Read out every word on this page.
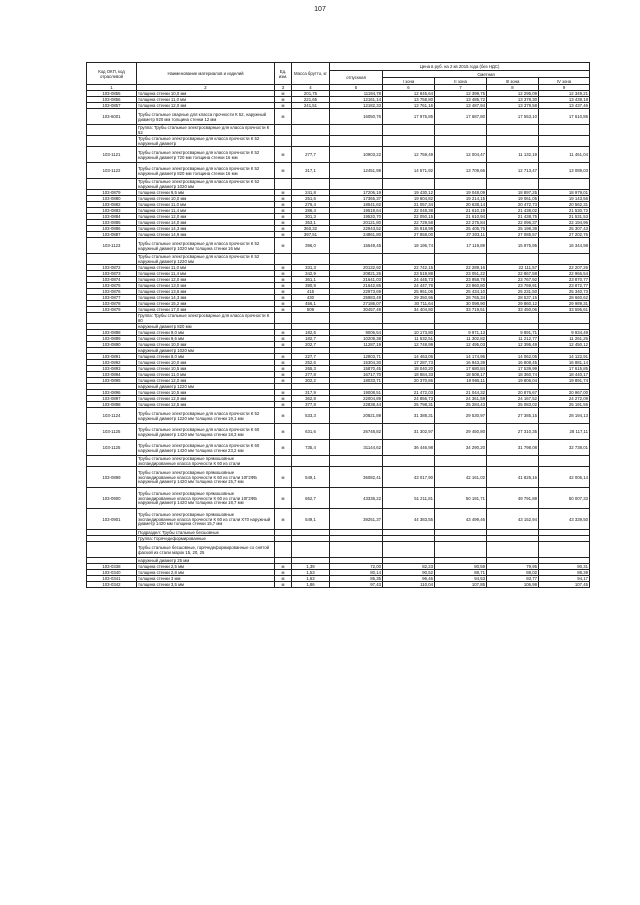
107
Код ОКП, код отраслевой	Наименование материалов и изделий	Ед. изм.	Масса брутто, кг	Цена в руб. на 2 кв 2015 года (без НДС)				
				отпускная	Сметная			
					I зона	II зона	III зона	IV зона
1	2	3	4	5	6	7	8	9
103-0855	толщина стенки 10,0 мм	м	201,75	11194,78	12 845,64	12 399,75	12 295,09	12 349,21
103-0856	толщина стенки 11,0 мм	м	221,65	12161,14	13 758,80	13 485,72	13 378,30	13 438,18
103-0857	толщина стенки 12,0 мм	м	241,51	12182,33	13 761,16	13 487,94	13 379,58	13 437,46
103-6001	Трубы стальные сварные для класса прочности К 52, наружный диаметр 920 мм толщина стенки 12 мм	м		16050,76	17 976,85	17 687,80	17 553,10	17 610,86
	Группа: Трубы стальные электросварные для класса прочности К 52							
	Трубы стальные электросварные для класса прочности К 52 наружный диаметр							
103-1121	Трубы стальные электросварные для класса прочности К 52 наружный диаметр 720 мм толщина стенки 16 мм	м	277,7	10903,22	12 759,49	12 004,47	11 132,19	11 461,04
103-1122	Трубы стальные электросварные для класса прочности К 52 наружный диаметр 820 мм толщина стенки 16 мм	м	317,1	12451,98	14 571,92	13 709,66	12 713,47	13 089,03
	Трубы стальные электросварные для класса прочности К 52 наружный диаметр 1020 мм							
103-0879	толщина стенки 9,5 мм	м	241,8	17206,19	19 430,12	19 048,09	18 897,25	18 979,01
103-0880	толщина стенки 10,0 мм	м	251,6	17365,37	19 604,82	19 214,15	19 061,05	19 143,56
103-0882	толщина стенки 11,0 мм	м	276,4	18541,62	21 057,34	20 638,14	20 472,73	20 562,31
103-0883	толщина стенки 11,4 мм	м	286,4	19519,64	22 048,38	21 610,19	21 438,02	21 530,72
103-0884	толщина стенки 12,0 мм	м	301,3	19520,70	22 050,15	21 610,94	21 438,75	21 531,53
103-0885	толщина стенки 14,0 мм	м	353,1	20121,80	22 729,58	22 275,84	22 096,37	22 194,96
103-0886	толщина стенки 14,3 мм	м	360,32	22943,52	25 918,99	25 405,75	25 198,39	25 307,43
103-0887	толщина стенки 14,9 мм	м	397,51	24861,80	27 858,00	27 303,11	27 085,57	27 202,76
103-1123	Трубы стальные электросварные для класса прочности К 52 наружный диаметр 1020 мм толщина стенки 16 мм	м	396,0	15549,45	18 196,74	17 119,89	15 875,95	16 344,98
	Трубы стальные электросварные для класса прочности К 52 наружный диаметр 1220 мм							
103-0872	толщина стенки 11,0 мм	м	331,3	20132,92	22 742,15	22 289,16	22 111,57	22 207,26
103-0873	толщина стенки 11,4 мм	м	342,9	20821,26	23 519,88	23 051,22	22 867,58	22 966,54
103-0874	толщина стенки 12,0 мм	м	361,1	21641,03	24 445,73	23 958,78	23 767,92	23 870,77
103-0875	толщина стенки 13,0 мм	м	390,9	21642,85	24 447,78	23 960,80	23 769,91	23 872,77
103-0876	толщина стенки 13,6 мм	м	415	22973,69	25 951,06	25 434,10	25 231,50	25 340,73
103-0877	толщина стенки 14,3 мм	м	430	25983,49	29 350,96	28 765,34	28 537,15	28 660,62
103-0878	толщина стенки 15,2 мм	м	456,1	27186,07	30 711,64	30 098,90	29 860,12	29 989,31
103-0879	толщина стенки 17,0 мм	м	509	30457,49	34 404,80	33 719,51	33 450,06	33 595,61
	Группа: Трубы стальные электросварные для класса прочности К 60							
	наружный диаметр 820 мм							
103-0888	толщина стенки 9,0 мм	м	182,6	9006,54	10 173,80	9 971,13	9 891,71	9 934,49
103-0889	толщина стенки 9,6 мм	м	182,7	10209,38	11 532,51	11 302,82	11 212,77	11 261,26
103-0890	толщина стенки 10,0 мм	м	202,7	11287,19	12 748,99	12 495,03	12 395,49	12 450,12
	наружный диаметр 1020 мм							
103-0891	толщина стенки 8,0 мм	м	227,7	12803,71	14 463,06	14 174,96	14 062,05	14 122,91
103-0892	толщина стенки 10,0 мм	м	252,6	15304,30	17 287,73	16 943,39	16 808,45	16 881,14
103-0893	толщина стенки 10,5 мм	м	265,3	15870,45	18 040,20	17 680,84	17 539,99	17 615,85
103-0894	толщина стенки 11,0 мм	м	277,8	16717,70	18 884,33	18 508,17	18 360,74	18 440,17
103-0895	толщина стенки 12,0 мм	м	302,2	18033,71	20 370,86	19 965,11	19 806,04	19 891,74
	наружный диаметр 1220 мм							
103-0896	толщина стенки 10,5 мм	м	317,9	19008,51	21 472,03	21 044,32	20 876,67	20 967,00
103-0897	толщина стенки 12,0 мм	м	362,8	22004,89	24 856,73	24 361,59	24 167,52	24 272,09
103-0898	толщина стенки 12,5 мм	м	377,8	22838,44	25 798,31	25 284,43	25 083,02	25 191,55
103-1124	Трубы стальные электросварные для класса прочности К 52 наружный диаметр 1220 мм толщина стенки 19,1 мм	м	533,3	20821,89	31 388,31	29 530,97	27 385,15	28 194,13
103-1125	Трубы стальные электросварные для класса прочности К 60 наружный диаметр 1420 мм толщина стенки 18,3 мм	м	631,6	26748,82	31 302,97	29 450,80	27 310,35	28 117,11
103-1125	Трубы стальные электросварные для класса прочности К 60 наружный диаметр 1420 мм толщина стенки 23,2 мм	м	735,4	31144,62	36 446,98	34 290,20	31 798,08	32 738,01
	Трубы стальные электросварные прямошовные экспандированные класса прочности К 60 из стали							
103-0899	Трубы стальные электросварные прямошовные экспандированные класса прочности К 60 из стали 10Г2ФБ наружный диаметр 1420 мм толщина стенки 15,7 мм	м	549,1	36082,41	43 017,90	42 161,02	41 825,16	42 006,14
103-0900	Трубы стальные электросварные прямошовные экспандированные класса прочности К 60 из стали 10Г2ФБ наружный диаметр 1420 мм толщина стенки 18,7 мм	м	652,7	43336,22	51 211,81	50 191,71	49 791,88	50 007,33
103-0901	Трубы стальные электросварные прямошовные экспандированные класса прочности К 60 из стали Х70 наружный диаметр 1420 мм толщина стенки 15,7 мм	м	549,1	39251,37	44 383,55	43 499,46	43 152,94	43 339,50
	Подраздел: Трубы стальные бесшовные							
	Группа: Горячедеформированные							
	Трубы стальные бесшовные, горячедеформированные со снятой фаской из стали марок 15, 20, 25							
	наружный диаметр 25 мм							
103-0338	толщина стенки 2,5 мм	м	1,39	72,00	82,23	80,59	79,95	80,31
103-0340	толщина стенки 2,8 мм	м	1,53	80,14	90,52	88,71	88,02	88,39
103-0341	толщина стенки 3 мм	м	1,63	85,35	96,46	94,53	93,77	94,17
103-0342	толщина стенки 3,5 мм	м	1,86	97,43	110,04	107,85	106,99	107,45
